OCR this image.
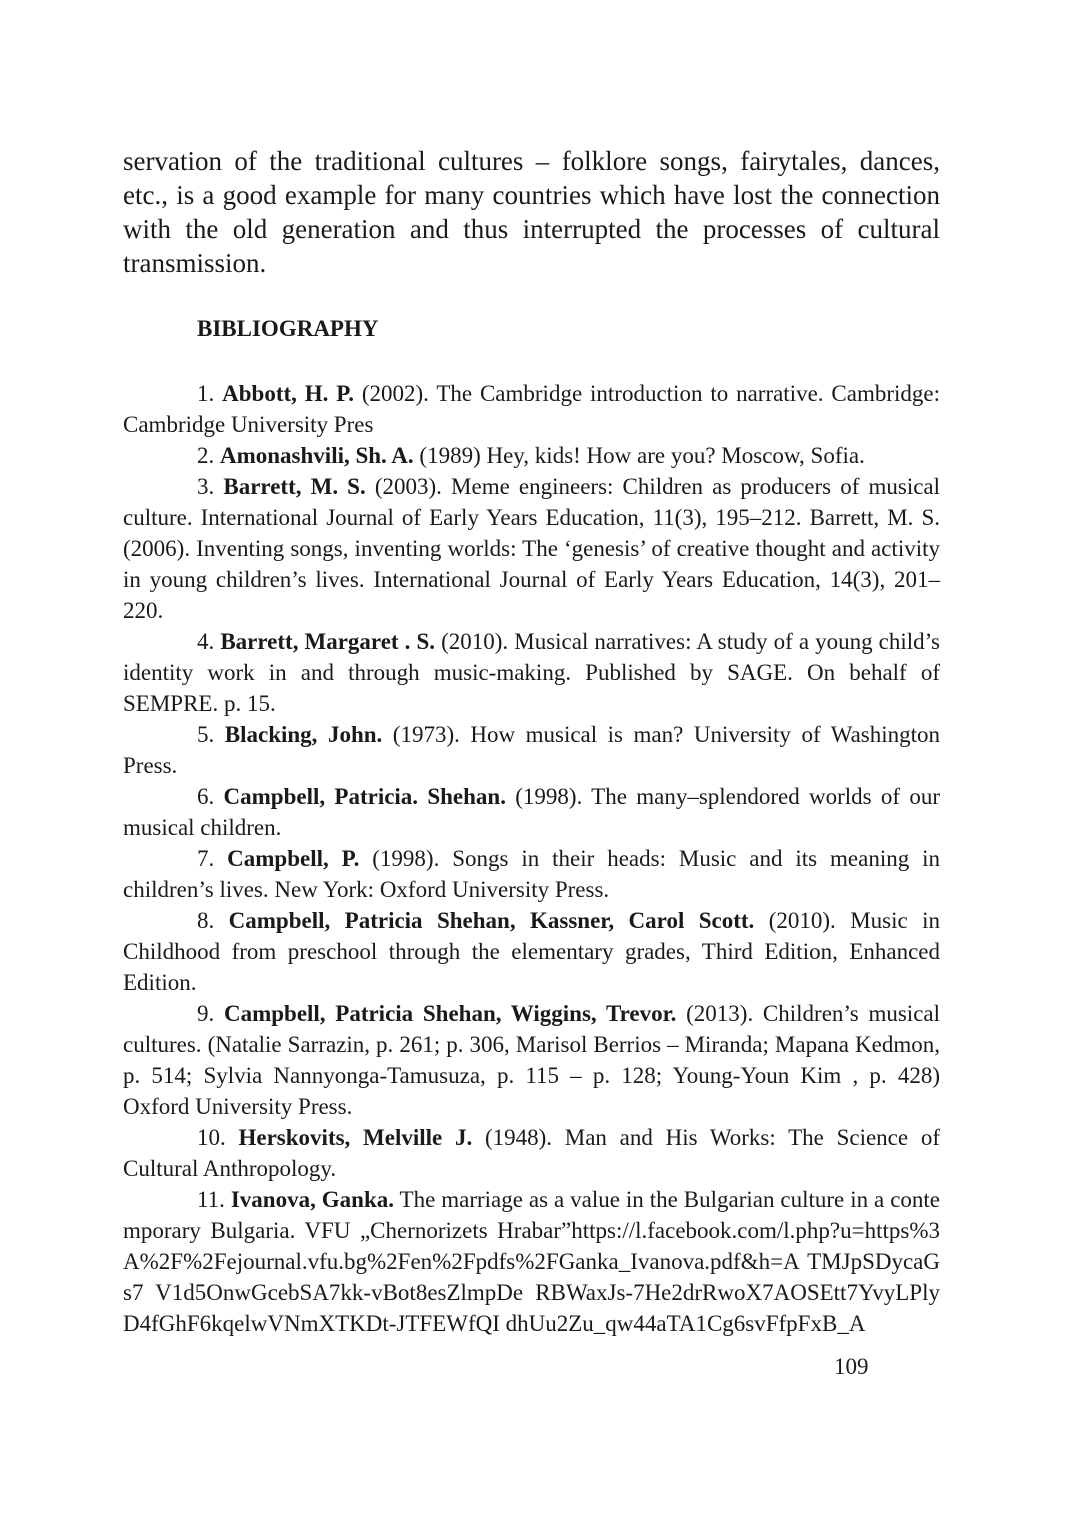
servation of the traditional cultures – folklore songs, fairytales, dances, etc., is a good example for many countries which have lost the connection with the old generation and thus interrupted the processes of cultural transmission.

BIBLIOGRAPHY

1. Abbott, H. P. (2002). The Cambridge introduction to narrative. Cambridge: Cambridge University Pres

2. Amonashvili, Sh. A. (1989) Hey, kids! How are you? Moscow, Sofia.

3. Barrett, M. S. (2003). Meme engineers: Children as producers of musical culture. International Journal of Early Years Education, 11(3), 195–212. Barrett, M. S. (2006). Inventing songs, inventing worlds: The ‘genesis’ of creative thought and activity in young children’s lives. International Journal of Early Years Education, 14(3), 201–220.

4. Barrett, Margaret . S. (2010). Musical narratives: A study of a young child’s identity work in and through music-making. Published by SAGE. On behalf of SEMPRE. p. 15.

5. Blacking, John. (1973). How musical is man? University of Washington Press.

6. Campbell, Patricia. Shehan. (1998). The many–splendored worlds of our musical children.

7. Campbell, P. (1998). Songs in their heads: Music and its meaning in children’s lives. New York: Oxford University Press.

8. Campbell, Patricia Shehan, Kassner, Carol Scott. (2010). Music in Childhood from preschool through the elementary grades, Third Edition, Enhanced Edition.

9. Campbell, Patricia Shehan, Wiggins, Trevor. (2013). Children’s musical cultures. (Natalie Sarrazin, p. 261; p. 306, Marisol Berrios – Miranda; Mapana Kedmon, p. 514; Sylvia Nannyonga-Tamusuza, p. 115 – p. 128; Young-Youn Kim , p. 428) Oxford University Press.

10. Herskovits, Melville J. (1948). Man and His Works: The Science of Cultural Anthropology.

11. Ivanova, Ganka. The marriage as a value in the Bulgarian culture in a contemporary Bulgaria. VFU „Chernorizets Hrabar”https://l.facebook.com/l.php?u=https%3A%2F%2Fejournal.vfu.bg%2Fen%2Fpdfs%2FGanka_Ivanova.pdf&h=A TMJpSDycaGs7 V1d5OnwGcebSA7kk-vBot8esZlmpDe RBWaxJs-7He2drRwoX7AOSEtt7YvyLPlyD4fGhF6kqelwVNmXTKDt-JTFEWfQI dhUu2Zu_qw44aTA1Cg6svFfpFxB_A

109
